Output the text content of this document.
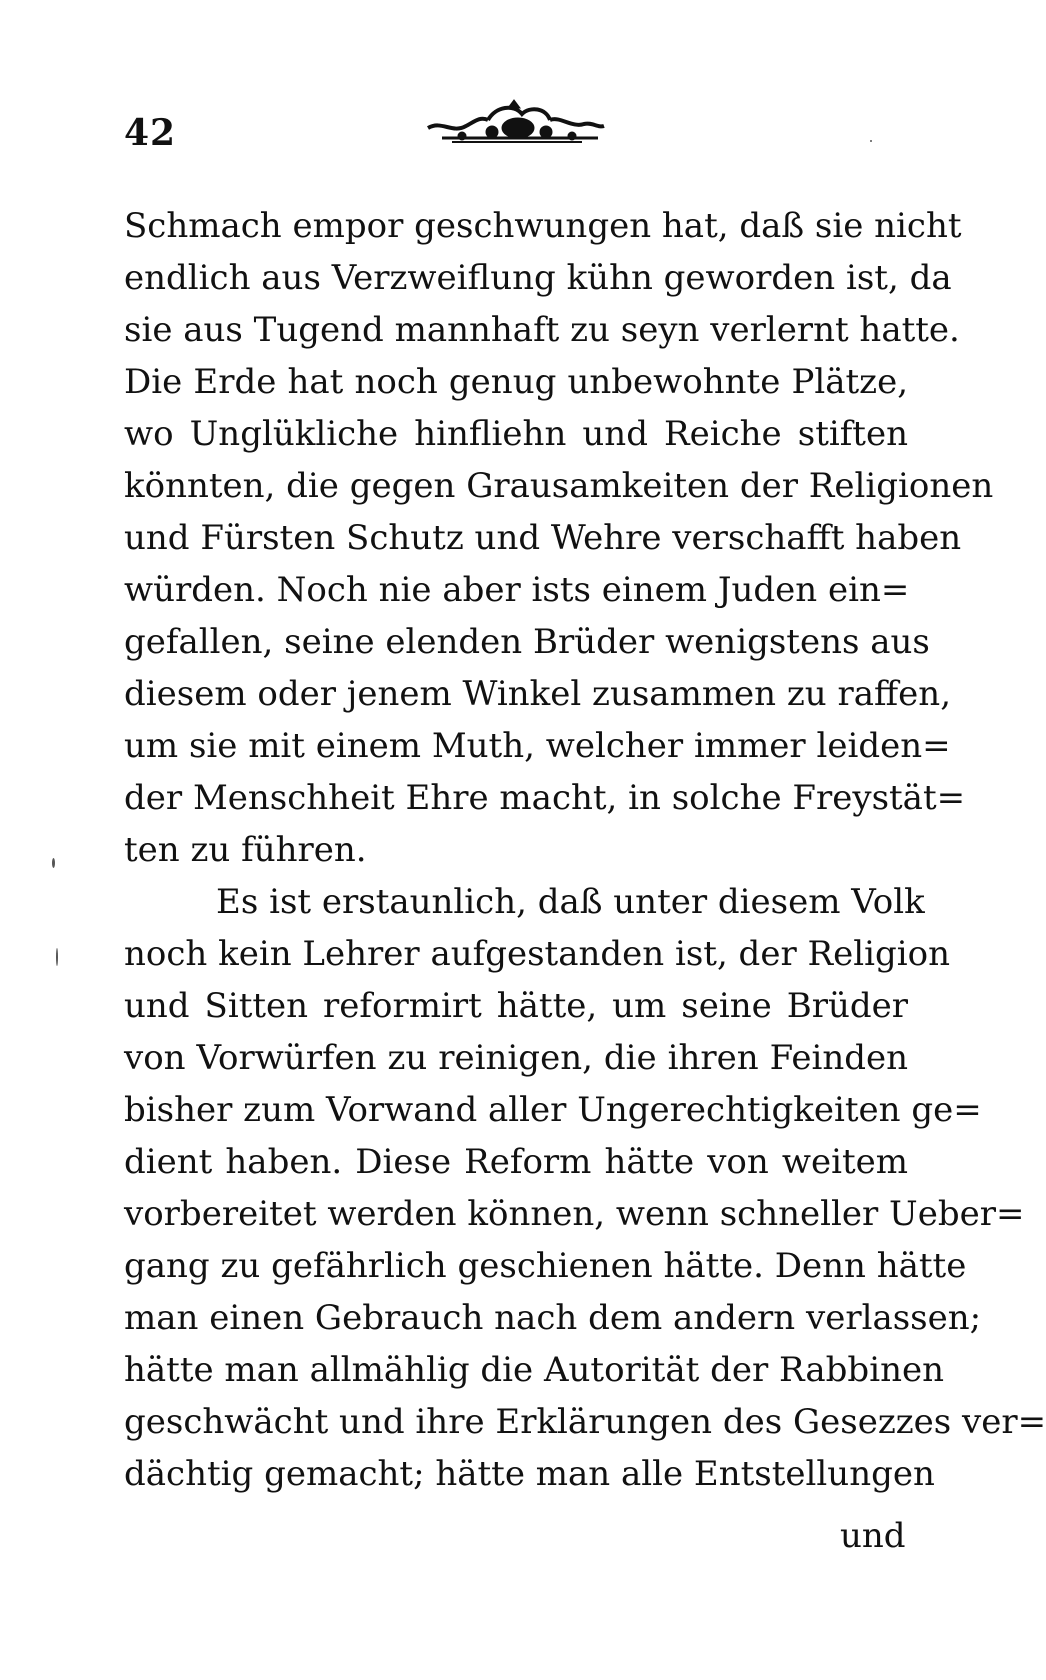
42
Schmach empor geschwungen hat, daß sie nicht
endlich aus Verzweiflung kühn geworden ist, da
sie aus Tugend mannhaft zu seyn verlernt hatte.
Die Erde hat noch genug unbewohnte Plätze,
wo Unglükliche hinfliehn und Reiche stiften
könnten, die gegen Grausamkeiten der Religionen
und Fürsten Schutz und Wehre verschafft haben
würden. Noch nie aber ists einem Juden ein=
gefallen, seine elenden Brüder wenigstens aus
diesem oder jenem Winkel zusammen zu raffen,
um sie mit einem Muth, welcher immer leiden=
der Menschheit Ehre macht, in solche Freystät=
ten zu führen.
Es ist erstaunlich, daß unter diesem Volk
noch kein Lehrer aufgestanden ist, der Religion
und Sitten reformirt hätte, um seine Brüder
von Vorwürfen zu reinigen, die ihren Feinden
bisher zum Vorwand aller Ungerechtigkeiten ge=
dient haben. Diese Reform hätte von weitem
vorbereitet werden können, wenn schneller Ueber=
gang zu gefährlich geschienen hätte. Denn hätte
man einen Gebrauch nach dem andern verlassen;
hätte man allmählig die Autorität der Rabbinen
geschwächt und ihre Erklärungen des Gesezzes ver=
dächtig gemacht; hätte man alle Entstellungen
und
